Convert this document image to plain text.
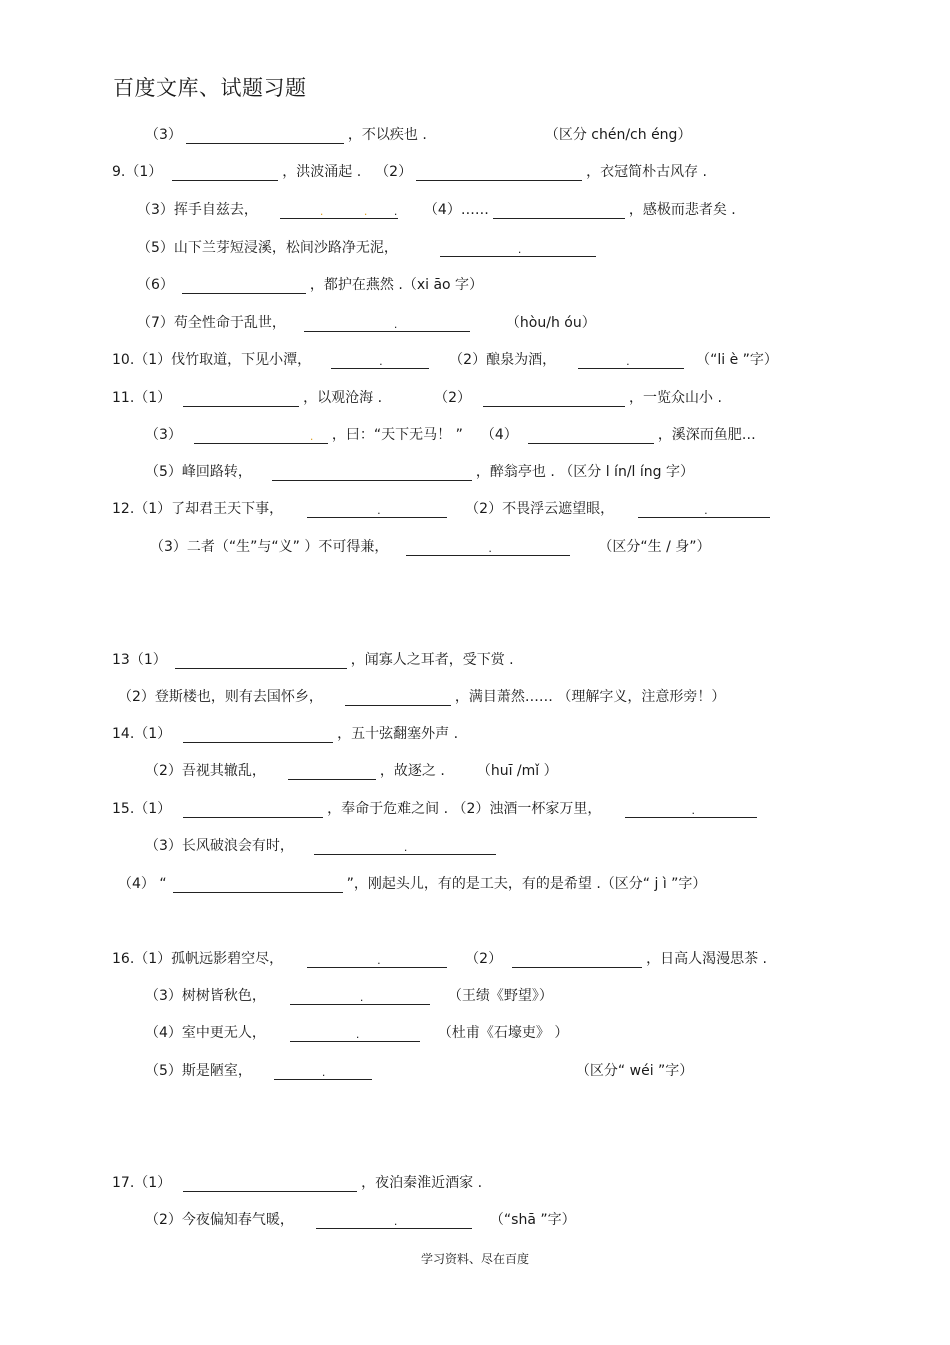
百度文库、试题习题
（3）	，不以疾也 .	（区分 chén/ch éng）
9.（1）	，洪波涌起 . （2）	，衣冠简朴古风存 .
（3）挥手自兹去，	.	. . （4）……	，感极而悲者矣 .
（5）山下兰芽短浸溪，松间沙路净无泥，	.
（6）	，都护在燕然 .（xi āo 字）
（7）苟全性命于乱世，	.	（hòu/h óu）
10.（1）伐竹取道，下见小潭，	.	（2）酿泉为酒，	.	（“li è ”字）
11.（1）	，以观沧海 .	（2）	，一览众山小 .
（3）	. ，曰：“天下无马！ ” （4）	，溪深而鱼肥…
（5）峰回路转，	，醉翁亭也 . （区分 l ín/l íng 字）
12.（1）了却君王天下事，	.	（2）不畏浮云遮望眼，	.
（3）二者（“生”与“义” ）不可得兼，	.	（区分“生 / 身”）
13（1）	，闻寡人之耳者，受下赏 .
（2）登斯楼也，则有去国怀乡，	，满目萧然…… （理解字义，注意形旁！）
14.（1）	，五十弦翻塞外声 .
（2）吾视其辙乱，	，故逐之 . （huī /mǐ ）
15.（1）	，奉命于危难之间 . （2）浊酒一杯家万里，	.
（3）长风破浪会有时，	.
（4） “	”，刚起头儿，有的是工夫，有的是希望 .（区分“ j ì ”字）
16.（1）孤帆远影碧空尽，	.	（2）	，日高人渴漫思茶 .
（3）树树皆秋色，	.	（王绩《野望》）
（4）室中更无人，	.	（杜甫《石壕吏》 ）
（5）斯是陋室，	.	（区分“ wéi ”字）
17.（1）	，夜泊秦淮近酒家 .
（2）今夜偏知春气暖，	.	（“shā ”字）
学习资料、尽在百度
